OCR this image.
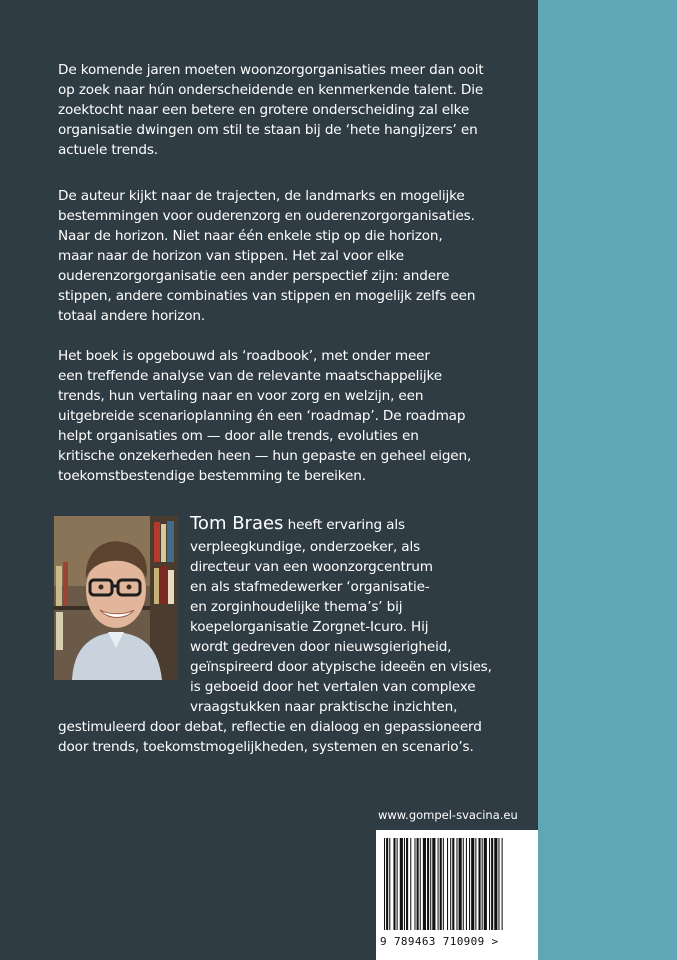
De komende jaren moeten woonzorgorganisaties meer dan ooit
op zoek naar hún onderscheidende en kenmerkende talent. Die
zoektocht naar een betere en grotere onderscheiding zal elke
organisatie dwingen om stil te staan bij de ‘hete hangijzers’ en
actuele trends.

De auteur kijkt naar de trajecten, de landmarks en mogelijke
bestemmingen voor ouderenzorg en ouderenzorgorganisaties.
Naar de horizon. Niet naar één enkele stip op die horizon,
maar naar de horizon van stippen. Het zal voor elke
ouderenzorgorganisatie een ander perspectief zijn: andere
stippen, andere combinaties van stippen en mogelijk zelfs een
totaal andere horizon.

Het boek is opgebouwd als ‘roadbook’, met onder meer
een treffende analyse van de relevante maatschappelijke
trends, hun vertaling naar en voor zorg en welzijn, een
uitgebreide scenarioplanning én een ‘roadmap’. De roadmap
helpt organisaties om — door alle trends, evoluties en
kritische onzekerheden heen — hun gepaste en geheel eigen,
toekomstbestendige bestemming te bereiken.

Tom Braes heeft ervaring als
verpleegkundige, onderzoeker, als
directeur van een woonzorgcentrum
en als stafmedewerker ‘organisatie-
en zorginhoudelijke thema’s’ bij
koepelorganisatie Zorgnet-Icuro. Hij
wordt gedreven door nieuwsgierigheid,
geïnspireerd door atypische ideeën en visies,
is geboeid door het vertalen van complexe
vraagstukken naar praktische inzichten,
gestimuleerd door debat, reflectie en dialoog en gepassioneerd
door trends, toekomstmogelijkheden, systemen en scenario’s.
www.gompel-svacina.eu
9 789463 710909 >
